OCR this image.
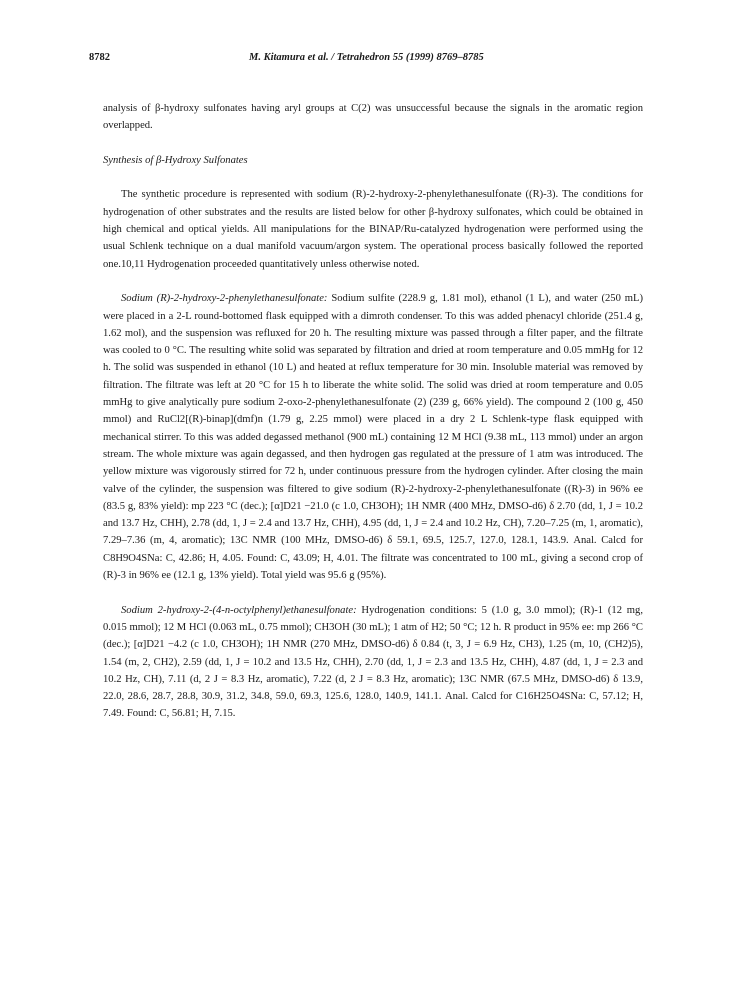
8782	M. Kitamura et al. / Tetrahedron 55 (1999) 8769–8785

analysis of β-hydroxy sulfonates having aryl groups at C(2) was unsuccessful because the signals in the aromatic region overlapped.

Synthesis of β-Hydroxy Sulfonates

The synthetic procedure is represented with sodium (R)-2-hydroxy-2-phenylethanesulfonate ((R)-3). The conditions for hydrogenation of other substrates and the results are listed below for other β-hydroxy sulfonates, which could be obtained in high chemical and optical yields. All manipulations for the BINAP/Ru-catalyzed hydrogenation were performed using the usual Schlenk technique on a dual manifold vacuum/argon system. The operational process basically followed the reported one.10,11 Hydrogenation proceeded quantitatively unless otherwise noted.

Sodium (R)-2-hydroxy-2-phenylethanesulfonate: Sodium sulfite (228.9 g, 1.81 mol), ethanol (1 L), and water (250 mL) were placed in a 2-L round-bottomed flask equipped with a dimroth condenser. To this was added phenacyl chloride (251.4 g, 1.62 mol), and the suspension was refluxed for 20 h. The resulting mixture was passed through a filter paper, and the filtrate was cooled to 0 °C. The resulting white solid was separated by filtration and dried at room temperature and 0.05 mmHg for 12 h. The solid was suspended in ethanol (10 L) and heated at reflux temperature for 30 min. Insoluble material was removed by filtration. The filtrate was left at 20 °C for 15 h to liberate the white solid. The solid was dried at room temperature and 0.05 mmHg to give analytically pure sodium 2-oxo-2-phenylethanesulfonate (2) (239 g, 66% yield). The compound 2 (100 g, 450 mmol) and RuCl2[(R)-binap](dmf)n (1.79 g, 2.25 mmol) were placed in a dry 2 L Schlenk-type flask equipped with mechanical stirrer. To this was added degassed methanol (900 mL) containing 12 M HCl (9.38 mL, 113 mmol) under an argon stream. The whole mixture was again degassed, and then hydrogen gas regulated at the pressure of 1 atm was introduced. The yellow mixture was vigorously stirred for 72 h, under continuous pressure from the hydrogen cylinder. After closing the main valve of the cylinder, the suspension was filtered to give sodium (R)-2-hydroxy-2-phenylethanesulfonate ((R)-3) in 96% ee (83.5 g, 83% yield): mp 223 °C (dec.); [α]D21 −21.0 (c 1.0, CH3OH); 1H NMR (400 MHz, DMSO-d6) δ 2.70 (dd, 1, J = 10.2 and 13.7 Hz, CHH), 2.78 (dd, 1, J = 2.4 and 13.7 Hz, CHH), 4.95 (dd, 1, J = 2.4 and 10.2 Hz, CH), 7.20–7.25 (m, 1, aromatic), 7.29–7.36 (m, 4, aromatic); 13C NMR (100 MHz, DMSO-d6) δ 59.1, 69.5, 125.7, 127.0, 128.1, 143.9. Anal. Calcd for C8H9O4SNa: C, 42.86; H, 4.05. Found: C, 43.09; H, 4.01. The filtrate was concentrated to 100 mL, giving a second crop of (R)-3 in 96% ee (12.1 g, 13% yield). Total yield was 95.6 g (95%).

Sodium 2-hydroxy-2-(4-n-octylphenyl)ethanesulfonate: Hydrogenation conditions: 5 (1.0 g, 3.0 mmol); (R)-1 (12 mg, 0.015 mmol); 12 M HCl (0.063 mL, 0.75 mmol); CH3OH (30 mL); 1 atm of H2; 50 °C; 12 h. R product in 95% ee: mp 266 °C (dec.); [α]D21 −4.2 (c 1.0, CH3OH); 1H NMR (270 MHz, DMSO-d6) δ 0.84 (t, 3, J = 6.9 Hz, CH3), 1.25 (m, 10, (CH2)5), 1.54 (m, 2, CH2), 2.59 (dd, 1, J = 10.2 and 13.5 Hz, CHH), 2.70 (dd, 1, J = 2.3 and 13.5 Hz, CHH), 4.87 (dd, 1, J = 2.3 and 10.2 Hz, CH), 7.11 (d, 2 J = 8.3 Hz, aromatic), 7.22 (d, 2 J = 8.3 Hz, aromatic); 13C NMR (67.5 MHz, DMSO-d6) δ 13.9, 22.0, 28.6, 28.7, 28.8, 30.9, 31.2, 34.8, 59.0, 69.3, 125.6, 128.0, 140.9, 141.1. Anal. Calcd for C16H25O4SNa: C, 57.12; H, 7.49. Found: C, 56.81; H, 7.15.
